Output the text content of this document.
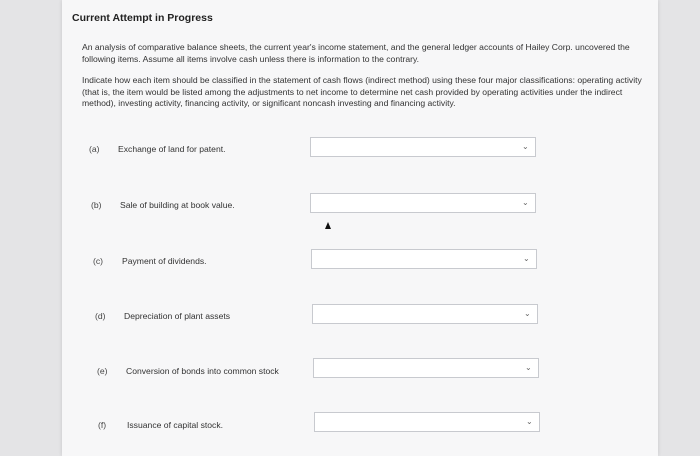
Current Attempt in Progress

An analysis of comparative balance sheets, the current year's income statement, and the general ledger accounts of Hailey Corp. uncovered the following items. Assume all items involve cash unless there is information to the contrary.

Indicate how each item should be classified in the statement of cash flows (indirect method) using these four major classifications: operating activity (that is, the item would be listed among the adjustments to net income to determine net cash provided by operating activities under the indirect method), investing activity, financing activity, or significant noncash investing and financing activity.

(a) Exchange of land for patent.	⌄
(b) Sale of building at book value.	⌄
(c) Payment of dividends.	⌄
(d) Depreciation of plant assets	⌄
(e) Conversion of bonds into common stock	⌄
(f) Issuance of capital stock.	⌄
